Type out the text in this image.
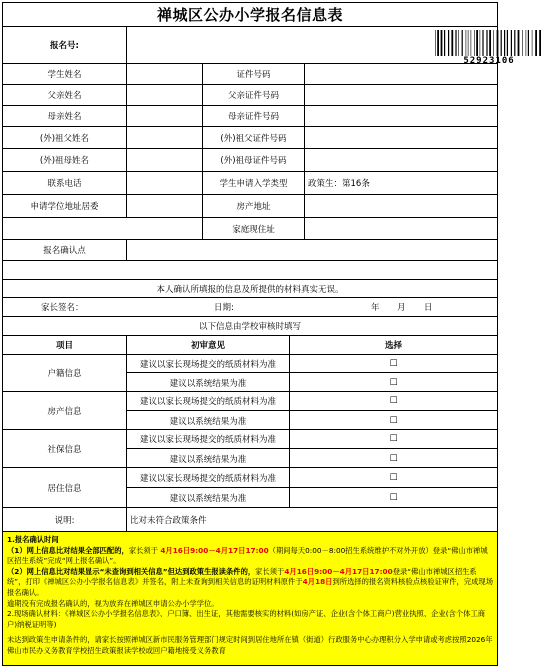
禅城区公办小学报名信息表
报名号:
52923106
学生姓名	证件号码
父亲姓名	父亲证件号码
母亲姓名	母亲证件号码
(外)祖父姓名	(外)祖父证件号码
(外)祖母姓名	(外)祖母证件号码
联系电话	学生申请入学类型	政策生：第16条
申请学位地址居委	房产地址
家庭现住址
报名确认点
本人确认所填报的信息及所提供的材料真实无误。
家长签名：	日期:	年	月	日
以下信息由学校审核时填写
项目	初审意见	选择
户籍信息
建议以家长现场提交的纸质材料为准	☐
建议以系统结果为准	☐
房产信息
建议以家长现场提交的纸质材料为准	☐
建议以系统结果为准	☐
社保信息
建议以家长现场提交的纸质材料为准	☐
建议以系统结果为准	☐
居住信息
建议以家长现场提交的纸质材料为准	☐
建议以系统结果为准	☐
说明:	比对未符合政策条件

1.报名确认时间

（1）网上信息比对结果全部匹配的，家长须于 4月16日9:00－4月17日17:00（期间每天0:00－8:00招生系统维护不对外开放）登录“佛山市禅城区招生系统”完成“网上报名确认”。

（2）网上信息比对结果显示“未查询到相关信息”但达到政策生报读条件的，家长须于4月16日9:00－4月17日17:00登录“佛山市禅城区招生系统”，打印《禅城区公办小学报名信息表》并签名，附上未查询到相关信息的证明材料原件于4月18日到所选择的报名资料核验点核验证审件，完成现场报名确认。

逾期没有完成报名确认的，视为放弃在禅城区申请公办小学学位。

2.现场确认材料：《禅城区公办小学报名信息表》、户口簿、出生证，其他需要核实的材料(如房产证、企业(含个体工商户)营业执照、企业(含个体工商户)纳税证明等)

未达到政策生申请条件的，请家长按照禅城区新市民服务管理部门规定时间到居住地所在镇（街道）行政服务中心办理积分入学申请或考虑按照2026年佛山市民办义务教育学校招生政策报读学校或回户籍地接受义务教育
